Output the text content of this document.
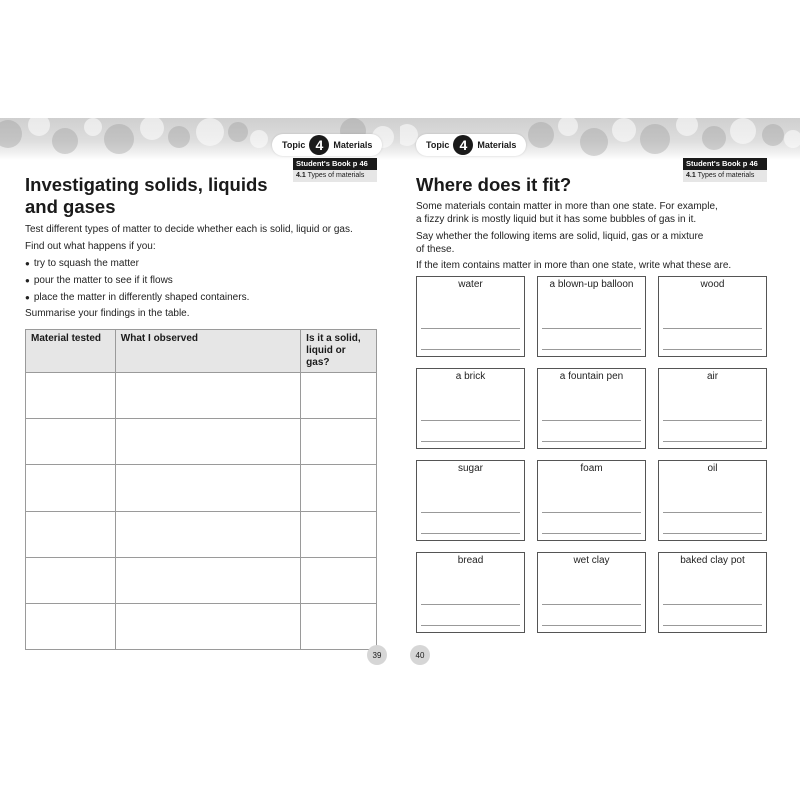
Topic 4	Materials
Student's Book p 46
4.1 Types of materials
Investigating solids, liquids
and gases
Test different types of matter to decide whether each is solid, liquid or gas.
Find out what happens if you:
● try to squash the matter
● pour the matter to see if it flows
● place the matter in differently shaped containers.
Summarise your findings in the table.
Material tested	What I observed	Is it a solid, liquid or gas?

39
Topic 4	Materials
Student's Book p 46
4.1 Types of materials
Where does it fit?
Some materials contain matter in more than one state. For example,
a fizzy drink is mostly liquid but it has some bubbles of gas in it.
Say whether the following items are solid, liquid, gas or a mixture
of these.
If the item contains matter in more than one state, write what these are.
water	a blown-up balloon	wood
a brick	a fountain pen	air
sugar	foam	oil
bread	wet clay	baked clay pot
40
